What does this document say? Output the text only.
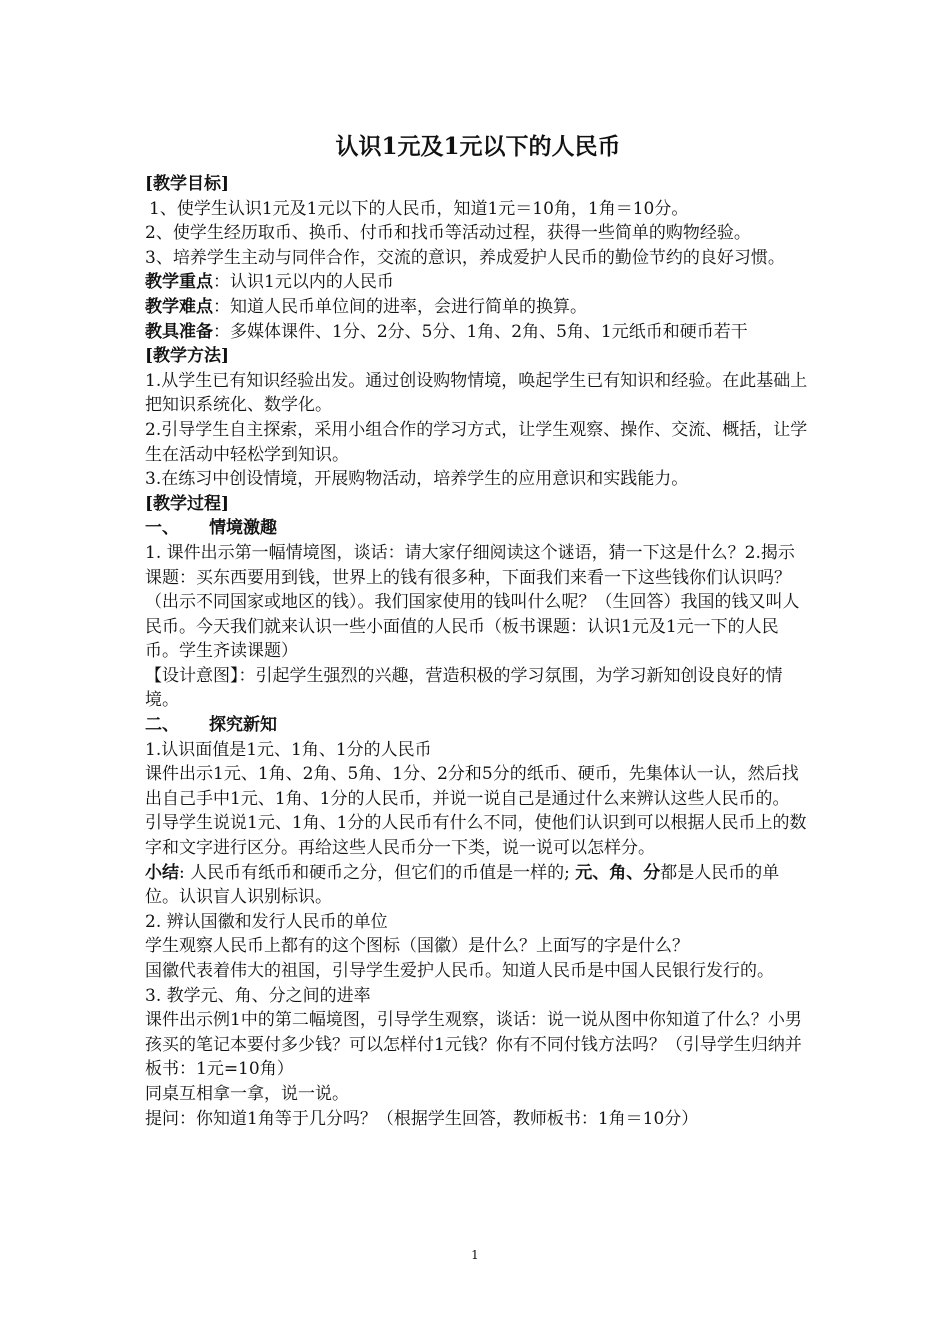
认识1元及1元以下的人民币

[教学目标]

1、使学生认识1元及1元以下的人民币，知道1元＝10角，1角＝10分。

2、使学生经历取币、换币、付币和找币等活动过程，获得一些简单的购物经验。

3、培养学生主动与同伴合作，交流的意识，养成爱护人民币的勤俭节约的良好习惯。

教学重点：认识1元以内的人民币

教学难点：知道人民币单位间的进率，会进行简单的换算。

教具准备：多媒体课件、1分、2分、5分、1角、2角、5角、1元纸币和硬币若干

[教学方法]

1.从学生已有知识经验出发。通过创设购物情境，唤起学生已有知识和经验。在此基础上把知识系统化、数学化。

2.引导学生自主探索，采用小组合作的学习方式，让学生观察、操作、交流、概括，让学生在活动中轻松学到知识。

3.在练习中创设情境，开展购物活动，培养学生的应用意识和实践能力。

[教学过程]

一、 情境激趣

1. 课件出示第一幅情境图，谈话：请大家仔细阅读这个谜语，猜一下这是什么？2.揭示课题：买东西要用到钱，世界上的钱有很多种，下面我们来看一下这些钱你们认识吗？（出示不同国家或地区的钱）。我们国家使用的钱叫什么呢？（生回答）我国的钱又叫人民币。今天我们就来认识一些小面值的人民币（板书课题：认识1元及1元一下的人民币。学生齐读课题）

【设计意图】：引起学生强烈的兴趣，营造积极的学习氛围，为学习新知创设良好的情境。

二、 探究新知

1.认识面值是1元、1角、1分的人民币

课件出示1元、1角、2角、5角、1分、2分和5分的纸币、硬币，先集体认一认，然后找出自己手中1元、1角、1分的人民币，并说一说自己是通过什么来辨认这些人民币的。

引导学生说说1元、1角、1分的人民币有什么不同，使他们认识到可以根据人民币上的数字和文字进行区分。再给这些人民币分一下类，说一说可以怎样分。

小结: 人民币有纸币和硬币之分，但它们的币值是一样的; 元、角、分都是人民币的单位。认识盲人识别标识。

2. 辨认国徽和发行人民币的单位

学生观察人民币上都有的这个图标（国徽）是什么？上面写的字是什么？

国徽代表着伟大的祖国，引导学生爱护人民币。知道人民币是中国人民银行发行的。

3. 教学元、角、分之间的进率

课件出示例1中的第二幅境图，引导学生观察，谈话：说一说从图中你知道了什么？小男孩买的笔记本要付多少钱？可以怎样付1元钱？你有不同付钱方法吗？（引导学生归纳并板书：1元=10角）

同桌互相拿一拿，说一说。

提问：你知道1角等于几分吗？（根据学生回答，教师板书：1角＝10分）

1
